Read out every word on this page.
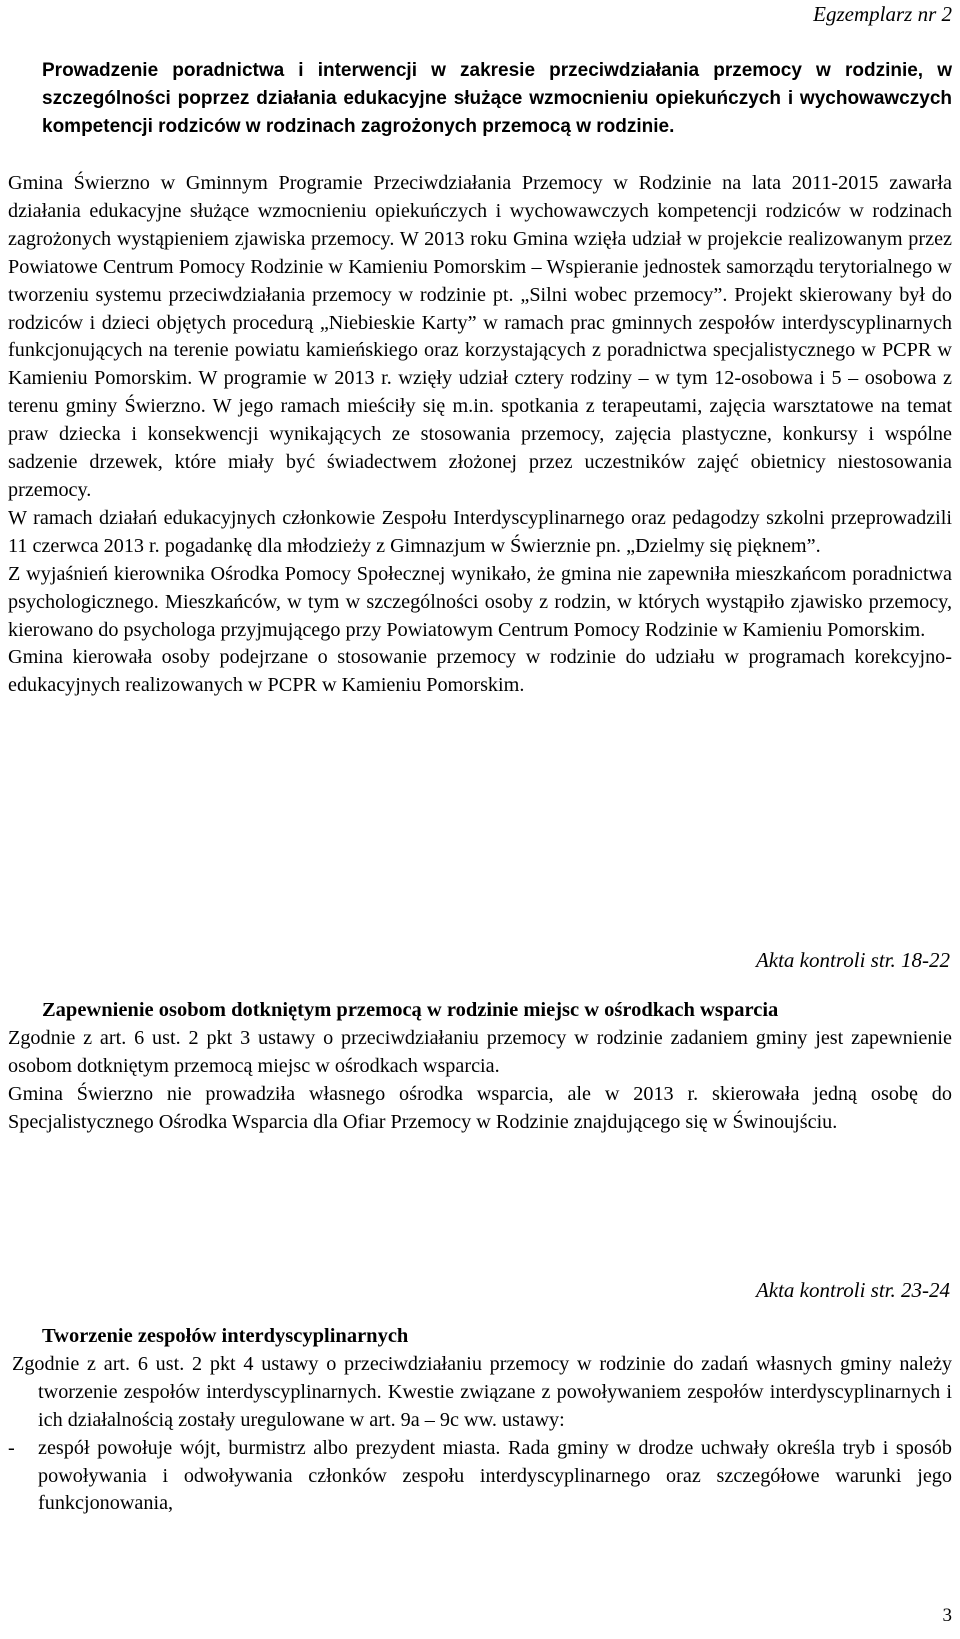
Egzemplarz nr 2
Prowadzenie poradnictwa i interwencji w zakresie przeciwdziałania przemocy w rodzinie, w szczególności poprzez działania edukacyjne służące wzmocnieniu opiekuńczych i wychowawczych kompetencji rodziców w rodzinach zagrożonych przemocą w rodzinie.
Gmina Świerzno w Gminnym Programie Przeciwdziałania Przemocy w Rodzinie na lata 2011-2015 zawarła działania edukacyjne służące wzmocnieniu opiekuńczych i wychowawczych kompetencji rodziców w rodzinach zagrożonych wystąpieniem zjawiska przemocy. W 2013 roku Gmina wzięła udział w projekcie realizowanym przez Powiatowe Centrum Pomocy Rodzinie w Kamieniu Pomorskim – Wspieranie jednostek samorządu terytorialnego w tworzeniu systemu przeciwdziałania przemocy w rodzinie pt. „Silni wobec przemocy”. Projekt skierowany był do rodziców i dzieci objętych procedurą „Niebieskie Karty” w ramach prac gminnych zespołów interdyscyplinarnych funkcjonujących na terenie powiatu kamieńskiego oraz korzystających z poradnictwa specjalistycznego w PCPR w Kamieniu Pomorskim. W programie w 2013 r. wzięły udział cztery rodziny – w tym 12-osobowa i 5 – osobowa z terenu gminy Świerzno. W jego ramach mieściły się m.in. spotkania z terapeutami, zajęcia warsztatowe na temat praw dziecka i konsekwencji wynikających ze stosowania przemocy, zajęcia plastyczne, konkursy i wspólne sadzenie drzewek, które miały być świadectwem złożonej przez uczestników zajęć obietnicy niestosowania przemocy.
W ramach działań edukacyjnych członkowie Zespołu Interdyscyplinarnego oraz pedagodzy szkolni przeprowadzili 11 czerwca 2013 r. pogadankę dla młodzieży z Gimnazjum w Świerznie pn. „Dzielmy się pięknem”.
Z wyjaśnień kierownika Ośrodka Pomocy Społecznej wynikało, że gmina nie zapewniła mieszkańcom poradnictwa psychologicznego. Mieszkańców, w tym w szczególności osoby z rodzin, w których wystąpiło zjawisko przemocy, kierowano do psychologa przyjmującego przy Powiatowym Centrum Pomocy Rodzinie w Kamieniu Pomorskim.
Gmina kierowała osoby podejrzane o stosowanie przemocy w rodzinie do udziału w programach korekcyjno-edukacyjnych realizowanych w PCPR w Kamieniu Pomorskim.
Akta kontroli str. 18-22
Zapewnienie osobom dotkniętym przemocą w rodzinie miejsc w ośrodkach wsparcia
Zgodnie z art. 6 ust. 2 pkt 3 ustawy o przeciwdziałaniu przemocy w rodzinie zadaniem gminy jest zapewnienie osobom dotkniętym przemocą miejsc w ośrodkach wsparcia.
Gmina Świerzno nie prowadziła własnego ośrodka wsparcia, ale w 2013 r. skierowała jedną osobę do Specjalistycznego Ośrodka Wsparcia dla Ofiar Przemocy w Rodzinie znajdującego się w Świnoujściu.
Akta kontroli str. 23-24
Tworzenie zespołów interdyscyplinarnych
Zgodnie z art. 6 ust. 2 pkt 4 ustawy o przeciwdziałaniu przemocy w rodzinie do zadań własnych gminy należy tworzenie zespołów interdyscyplinarnych. Kwestie związane z powoływaniem zespołów interdyscyplinarnych i ich działalnością zostały uregulowane w art. 9a – 9c ww. ustawy:
- zespół powołuje wójt, burmistrz albo prezydent miasta. Rada gminy w drodze uchwały określa tryb i sposób powoływania i odwoływania członków zespołu interdyscyplinarnego oraz szczegółowe warunki jego funkcjonowania,
3
